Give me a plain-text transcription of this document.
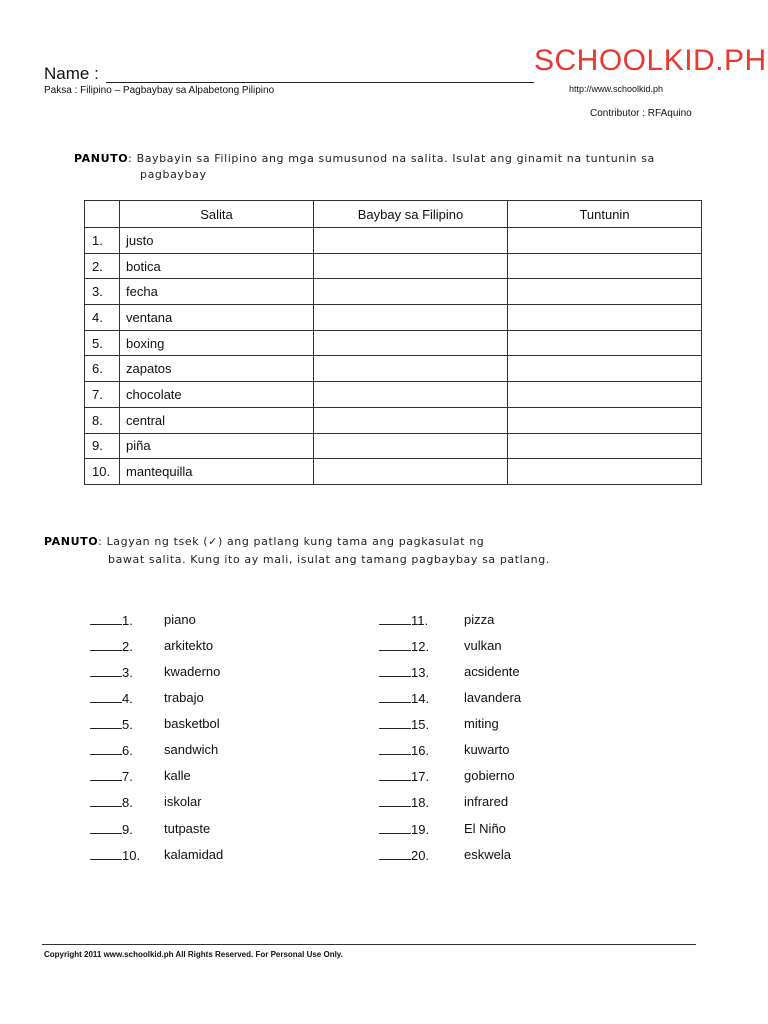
Name :
Paksa : Filipino – Pagbaybay sa Alpabetong Pilipino
SCHOOLKID.PH
http://www.schoolkid.ph
Contributor : RFAquino
PANUTO: Baybayin sa Filipino ang mga sumusunod na salita. Isulat ang ginamit na tuntunin sa
pagbaybay
	Salita	Baybay sa Filipino	Tuntunin
1.	justo		
2.	botica		
3.	fecha		
4.	ventana		
5.	boxing		
6.	zapatos		
7.	chocolate		
8.	central		
9.	piña		
10.	mantequilla		
PANUTO: Lagyan ng tsek (✓) ang patlang kung tama ang pagkasulat ng
bawat salita. Kung ito ay mali, isulat ang tamang pagbaybay sa patlang.
1.	piano
2.	arkitekto
3.	kwaderno
4.	trabajo
5.	basketbol
6.	sandwich
7.	kalle
8.	iskolar
9.	tutpaste
10.	kalamidad
11.	pizza
12.	vulkan
13.	acsidente
14.	lavandera
15.	miting
16.	kuwarto
17.	gobierno
18.	infrared
19.	El Niño
20.	eskwela
Copyright 2011 www.schoolkid.ph All Rights Reserved. For Personal Use Only.
